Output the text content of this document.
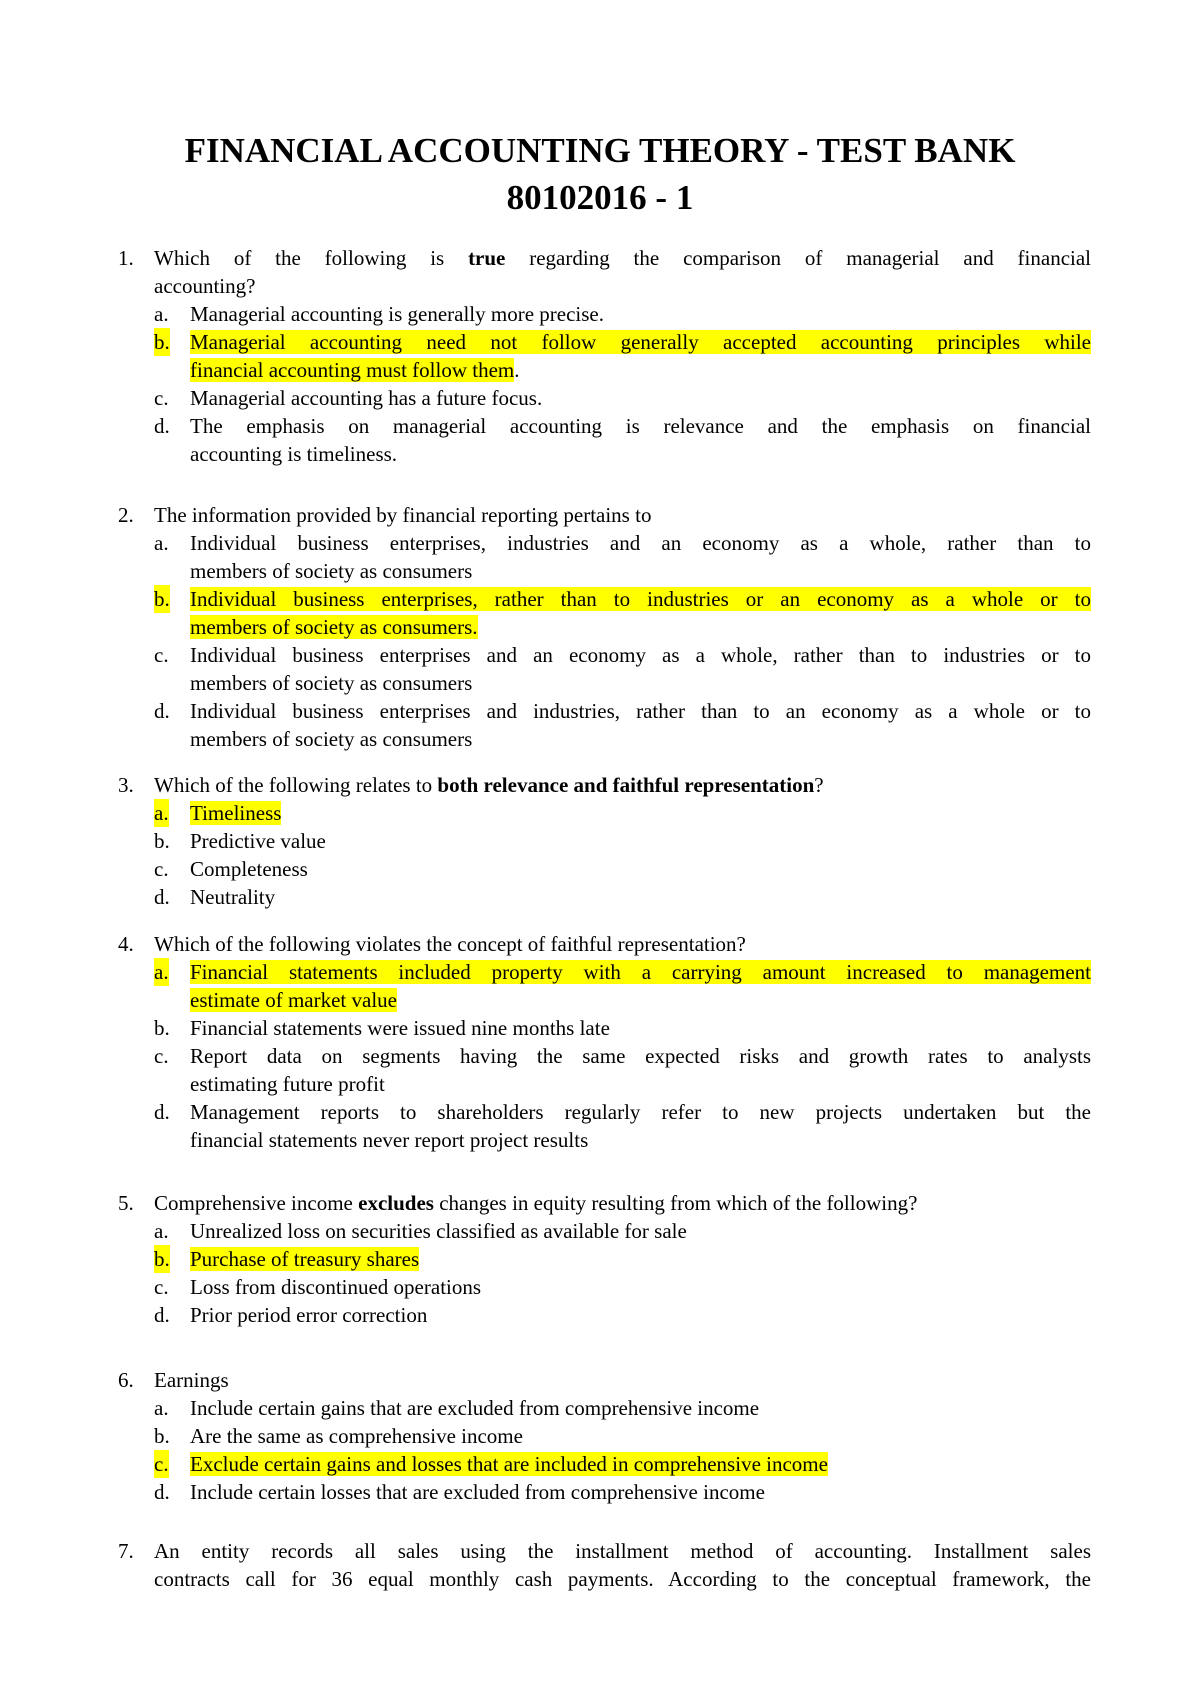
FINANCIAL ACCOUNTING THEORY - TEST BANK
80102016 - 1
1. Which of the following is true regarding the comparison of managerial and financial
accounting?
a. Managerial accounting is generally more precise.
b. Managerial accounting need not follow generally accepted accounting principles while
financial accounting must follow them.
c. Managerial accounting has a future focus.
d. The emphasis on managerial accounting is relevance and the emphasis on financial
accounting is timeliness.
2. The information provided by financial reporting pertains to
a. Individual business enterprises, industries and an economy as a whole, rather than to
members of society as consumers
b. Individual business enterprises, rather than to industries or an economy as a whole or to
members of society as consumers.
c. Individual business enterprises and an economy as a whole, rather than to industries or to
members of society as consumers
d. Individual business enterprises and industries, rather than to an economy as a whole or to
members of society as consumers
3. Which of the following relates to both relevance and faithful representation?
a. Timeliness
b. Predictive value
c. Completeness
d. Neutrality
4. Which of the following violates the concept of faithful representation?
a. Financial statements included property with a carrying amount increased to management
estimate of market value
b. Financial statements were issued nine months late
c. Report data on segments having the same expected risks and growth rates to analysts
estimating future profit
d. Management reports to shareholders regularly refer to new projects undertaken but the
financial statements never report project results
5. Comprehensive income excludes changes in equity resulting from which of the following?
a. Unrealized loss on securities classified as available for sale
b. Purchase of treasury shares
c. Loss from discontinued operations
d. Prior period error correction
6. Earnings
a. Include certain gains that are excluded from comprehensive income
b. Are the same as comprehensive income
c. Exclude certain gains and losses that are included in comprehensive income
d. Include certain losses that are excluded from comprehensive income
7. An entity records all sales using the installment method of accounting. Installment sales
contracts call for 36 equal monthly cash payments. According to the conceptual framework, the
